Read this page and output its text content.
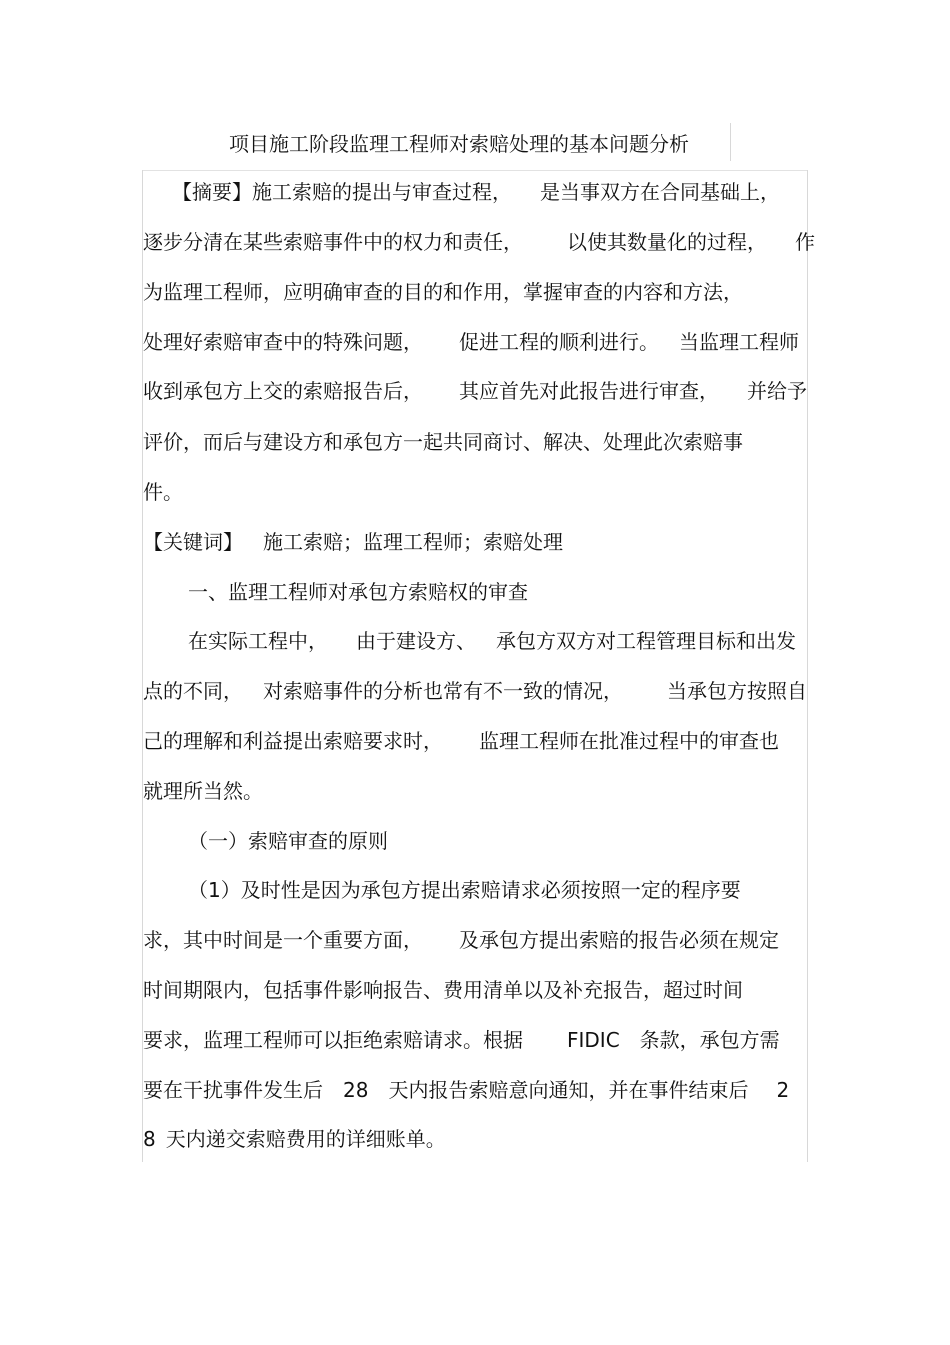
项目施工阶段监理工程师对索赔处理的基本问题分析
【摘要】施工索赔的提出与审查过程， 是当事双方在合同基础上，
逐步分清在某些索赔事件中的权力和责任， 以使其数量化的过程， 作
为监理工程师，应明确审查的目的和作用，掌握审查的内容和方法，
处理好索赔审查中的特殊问题， 促进工程的顺利进行。 当监理工程师
收到承包方上交的索赔报告后， 其应首先对此报告进行审查， 并给予
评价，而后与建设方和承包方一起共同商讨、解决、处理此次索赔事
件。
【关键词】 施工索赔；监理工程师；索赔处理
一、监理工程师对承包方索赔权的审查
在实际工程中， 由于建设方、 承包方双方对工程管理目标和出发
点的不同， 对索赔事件的分析也常有不一致的情况， 当承包方按照自
己的理解和利益提出索赔要求时， 监理工程师在批准过程中的审查也
就理所当然。
（一）索赔审查的原则
（1）及时性是因为承包方提出索赔请求必须按照一定的程序要
求，其中时间是一个重要方面， 及承包方提出索赔的报告必须在规定
时间期限内，包括事件影响报告、费用清单以及补充报告，超过时间
要求，监理工程师可以拒绝索赔请求。根据 FIDIC 条款，承包方需
要在干扰事件发生后 28 天内报告索赔意向通知，并在事件结束后 2
8 天内递交索赔费用的详细账单。
